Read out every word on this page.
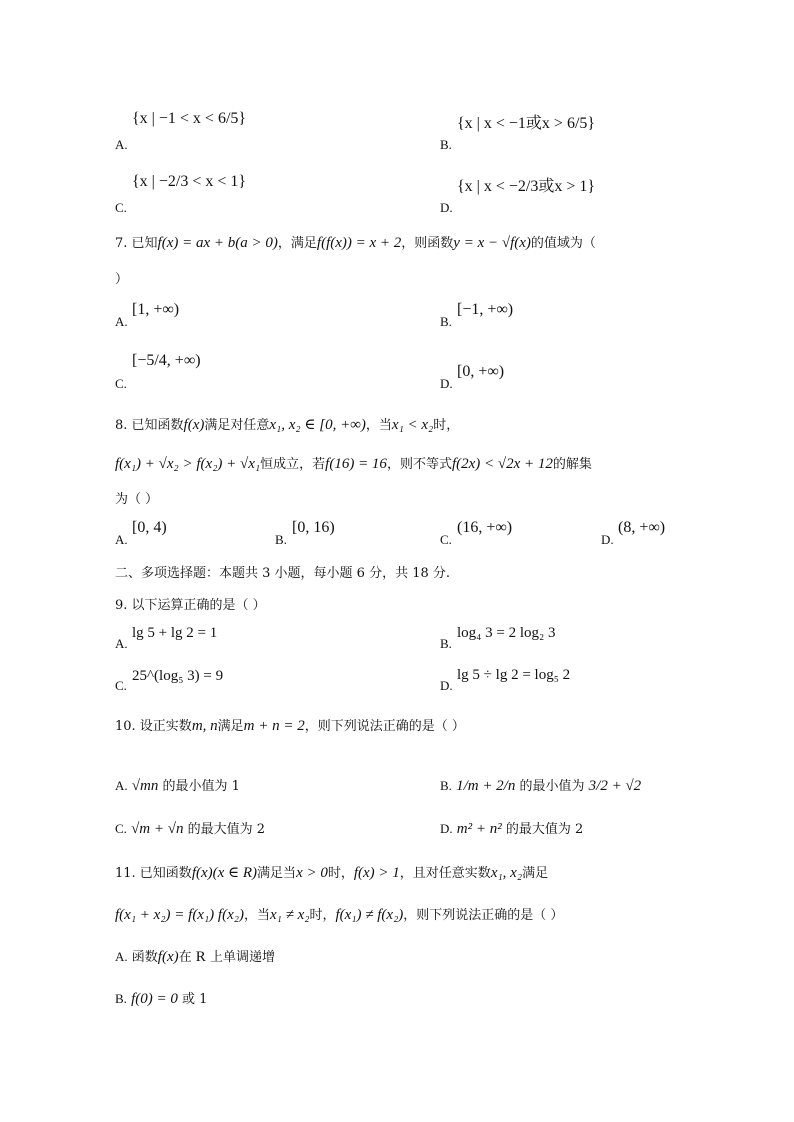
A.
{x | −1 < x < 6/5}
B.
{x | x < −1或x > 6/5}
C.
{x | −2/3 < x < 1}
D.
{x | x < −2/3或x > 1}
7. 已知f(x) = ax + b(a > 0)，满足f(f(x)) = x + 2，则函数y = x − √f(x)的值域为（
）
A.
[1, +∞)
B.
[−1, +∞)
C.
[−5/4, +∞)
D.
[0, +∞)
8. 已知函数f(x)满足对任意x₁, x₂ ∈ [0, +∞)，当x₁ < x₂时，
f(x₁) + √x₂ > f(x₂) + √x₁恒成立，若f(16) = 16，则不等式f(2x) < √2x + 12的解集
为（ ）
A.
[0, 4)
B.
[0, 16)
C.
(16, +∞)
D.
(8, +∞)
二、多项选择题：本题共 3 小题，每小题 6 分，共 18 分.
9. 以下运算正确的是（ ）
A.
lg 5 + lg 2 = 1
B.
log₄ 3 = 2 log₂ 3
C.
25^(log₅ 3) = 9
D.
lg 5 ÷ lg 2 = log₅ 2
10. 设正实数m, n满足m + n = 2，则下列说法正确的是（ ）
A. √mn 的最小值为 1	B. 1/m + 2/n 的最小值为 3/2 + √2
C. √m + √n 的最大值为 2	D. m² + n² 的最大值为 2
11. 已知函数f(x)(x ∈ R)满足当x > 0时，f(x) > 1，且对任意实数x₁, x₂满足
f(x₁ + x₂) = f(x₁) f(x₂)，当x₁ ≠ x₂时，f(x₁) ≠ f(x₂)，则下列说法正确的是（ ）
A. 函数f(x)在 R 上单调递增
B. f(0) = 0 或 1
